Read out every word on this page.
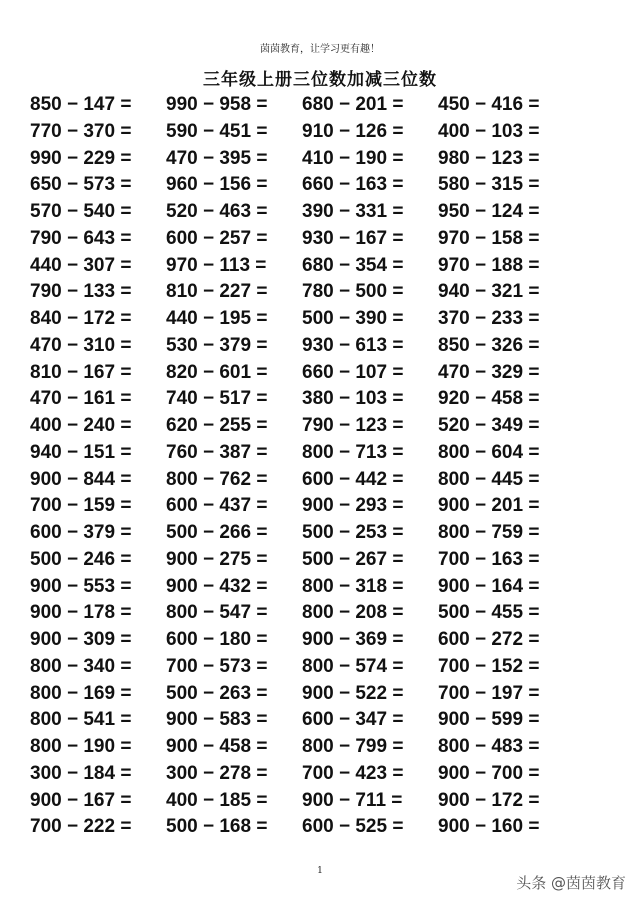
茵茵教育，让学习更有趣！
三年级上册三位数加减三位数
850 − 147 =	990 − 958 =	680 − 201 =	450 − 416 =
770 − 370 =	590 − 451 =	910 − 126 =	400 − 103 =
990 − 229 =	470 − 395 =	410 − 190 =	980 − 123 =
650 − 573 =	960 − 156 =	660 − 163 =	580 − 315 =
570 − 540 =	520 − 463 =	390 − 331 =	950 − 124 =
790 − 643 =	600 − 257 =	930 − 167 =	970 − 158 =
440 − 307 =	970 − 113 =	680 − 354 =	970 − 188 =
790 − 133 =	810 − 227 =	780 − 500 =	940 − 321 =
840 − 172 =	440 − 195 =	500 − 390 =	370 − 233 =
470 − 310 =	530 − 379 =	930 − 613 =	850 − 326 =
810 − 167 =	820 − 601 =	660 − 107 =	470 − 329 =
470 − 161 =	740 − 517 =	380 − 103 =	920 − 458 =
400 − 240 =	620 − 255 =	790 − 123 =	520 − 349 =
940 − 151 =	760 − 387 =	800 − 713 =	800 − 604 =
900 − 844 =	800 − 762 =	600 − 442 =	800 − 445 =
700 − 159 =	600 − 437 =	900 − 293 =	900 − 201 =
600 − 379 =	500 − 266 =	500 − 253 =	800 − 759 =
500 − 246 =	900 − 275 =	500 − 267 =	700 − 163 =
900 − 553 =	900 − 432 =	800 − 318 =	900 − 164 =
900 − 178 =	800 − 547 =	800 − 208 =	500 − 455 =
900 − 309 =	600 − 180 =	900 − 369 =	600 − 272 =
800 − 340 =	700 − 573 =	800 − 574 =	700 − 152 =
800 − 169 =	500 − 263 =	900 − 522 =	700 − 197 =
800 − 541 =	900 − 583 =	600 − 347 =	900 − 599 =
800 − 190 =	900 − 458 =	800 − 799 =	800 − 483 =
300 − 184 =	300 − 278 =	700 − 423 =	900 − 700 =
900 − 167 =	400 − 185 =	900 − 711 =	900 − 172 =
700 − 222 =	500 − 168 =	600 − 525 =	900 − 160 =
1
头条 @茵茵教育
